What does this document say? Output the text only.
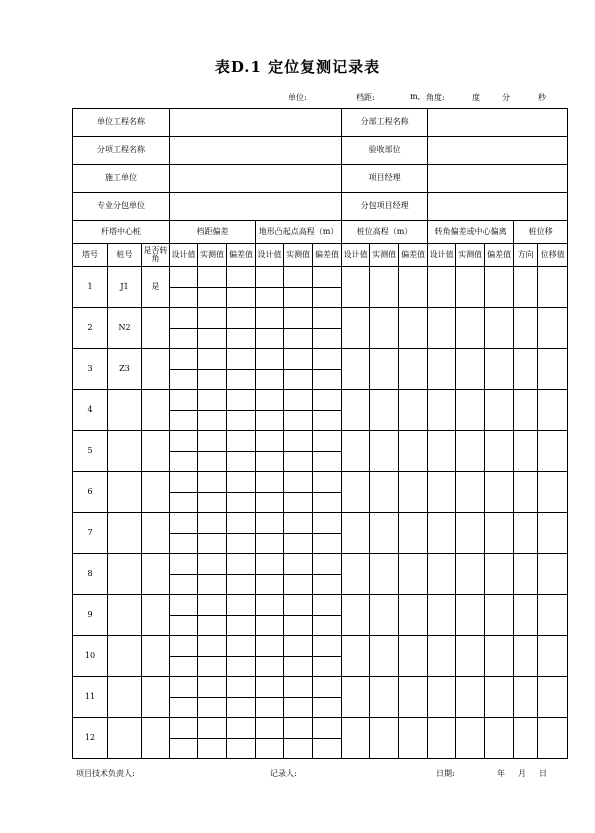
表D.1 定位复测记录表
单位:	档距:	m, 角度:	度	分	秒
单位工程名称									分部工程名称							
分项工程名称									验收部位							
施工单位									项目经理							
专业分包单位									分包项目经理							
杆塔中心桩			档距偏差			地形凸起点高程（m）			桩位高程（m）			转角偏差或中心偏离			桩位移	
塔号	桩号	是否转角	设计值	实测值	偏差值	设计值	实测值	偏差值	设计值	实测值	偏差值	设计值	实测值	偏差值	方向	位移值
1	J1	是	

2	N2		

3	Z3		

4			

5			

6			

7			

8			

9			

10			

11			

12			

项目技术负责人:	记录人:	日期:	年 月 日
